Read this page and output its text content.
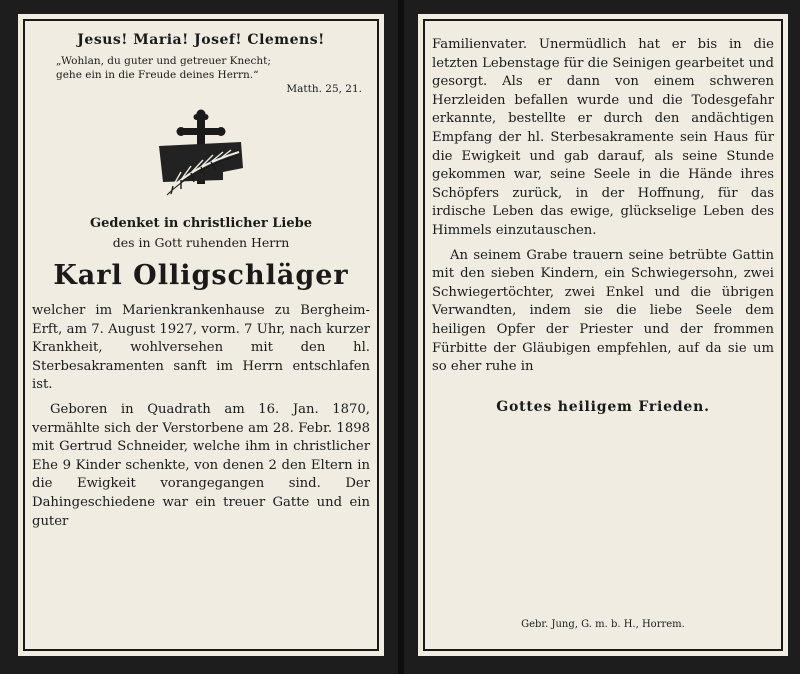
Jesus! Maria! Josef! Clemens!
„Wohlan, du guter und getreuer Knecht;
gehe ein in die Freude deines Herrn.“
Matth. 25, 21.
Gedenket in christlicher Liebe
des in Gott ruhenden Herrn
Karl Olligschläger

welcher im Marienkrankenhause zu Bergheim-Erft, am 7. August 1927, vorm. 7 Uhr, nach kurzer Krankheit, wohlversehen mit den hl. Sterbesakramenten sanft im Herrn entschlafen ist.

Geboren in Quadrath am 16. Jan. 1870, vermählte sich der Verstorbene am 28. Febr. 1898 mit Gertrud Schneider, welche ihm in christlicher Ehe 9 Kinder schenkte, von denen 2 den Eltern in die Ewigkeit vorangegangen sind. Der Dahingeschiedene war ein treuer Gatte und ein guter

Familienvater. Unermüdlich hat er bis in die letzten Lebenstage für die Seinigen gearbeitet und gesorgt. Als er dann von einem schweren Herzleiden befallen wurde und die Todesgefahr erkannte, bestellte er durch den andächtigen Empfang der hl. Sterbesakramente sein Haus für die Ewigkeit und gab darauf, als seine Stunde gekommen war, seine Seele in die Hände ihres Schöpfers zurück, in der Hoffnung, für das irdische Leben das ewige, glückselige Leben des Himmels einzutauschen.

An seinem Grabe trauern seine betrübte Gattin mit den sieben Kindern, ein Schwiegersohn, zwei Schwiegertöchter, zwei Enkel und die übrigen Verwandten, indem sie die liebe Seele dem heiligen Opfer der Priester und der frommen Fürbitte der Gläubigen empfehlen, auf da sie um so eher ruhe in

Gottes heiligem Frieden.
Gebr. Jung, G. m. b. H., Horrem.
